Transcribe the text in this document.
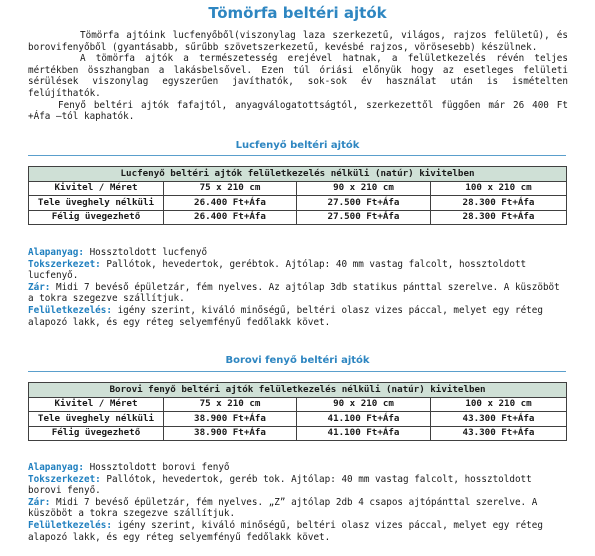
Tömörfa beltéri ajtók

Tömörfa ajtóink lucfenyőből(viszonylag laza szerkezetű, világos, rajzos felületű), és borovifenyőből (gyantásabb, sűrűbb szövetszerkezetű, kevésbé rajzos, vörösesebb) készülnek.

A tömörfa ajtók a természetesség erejével hatnak, a felületkezelés révén teljes mértékben összhangban a lakásbelsővel. Ezen túl óriási előnyük hogy az esetleges felületi sérülések viszonylag egyszerűen javíthatók, sok-sok év használat után is ismételten felújíthatók.

Fenyő beltéri ajtók fafajtól, anyagválogatottságtól, szerkezettől függően már 26 400 Ft +Áfa –tól kaphatók.

Lucfenyő beltéri ajtók
Lucfenyő beltéri ajtók felületkezelés nélküli (natúr) kivitelben			
Kivitel / Méret	75 x 210 cm	90 x 210 cm	100 x 210 cm
Tele üveghely nélküli	26.400 Ft+Áfa	27.500 Ft+Áfa	28.300 Ft+Áfa
Félig üvegezhető	26.400 Ft+Áfa	27.500 Ft+Áfa	28.300 Ft+Áfa

Alapanyag: Hossztoldott lucfenyő

Tokszerkezet: Pallótok, hevedertok, gerébtok. Ajtólap: 40 mm vastag falcolt, hossztoldott lucfenyő.

Zár: Midi 7 bevéső épületzár, fém nyelves. Az ajtólap 3db statikus pánttal szerelve. A küszöböt a tokra szegezve szállítjuk.

Felületkezelés: igény szerint, kiváló minőségű, beltéri olasz vizes páccal, melyet egy réteg alapozó lakk, és egy réteg selyemfényű fedőlakk követ.

Borovi fenyő beltéri ajtók
Borovi fenyő beltéri ajtók felületkezelés nélküli (natúr) kivitelben			
Kivitel / Méret	75 x 210 cm	90 x 210 cm	100 x 210 cm
Tele üveghely nélküli	38.900 Ft+Áfa	41.100 Ft+Áfa	43.300 Ft+Áfa
Félig üvegezhető	38.900 Ft+Áfa	41.100 Ft+Áfa	43.300 Ft+Áfa

Alapanyag: Hossztoldott borovi fenyő

Tokszerkezet: Pallótok, hevedertok, geréb tok. Ajtólap: 40 mm vastag falcolt, hossztoldott borovi fenyő.

Zár: Midi 7 bevéső épületzár, fém nyelves. „Z” ajtólap 2db 4 csapos ajtópánttal szerelve. A küszöböt a tokra szegezve szállítjuk.

Felületkezelés: igény szerint, kiváló minőségű, beltéri olasz vizes páccal, melyet egy réteg alapozó lakk, és egy réteg selyemfényű fedőlakk követ.
